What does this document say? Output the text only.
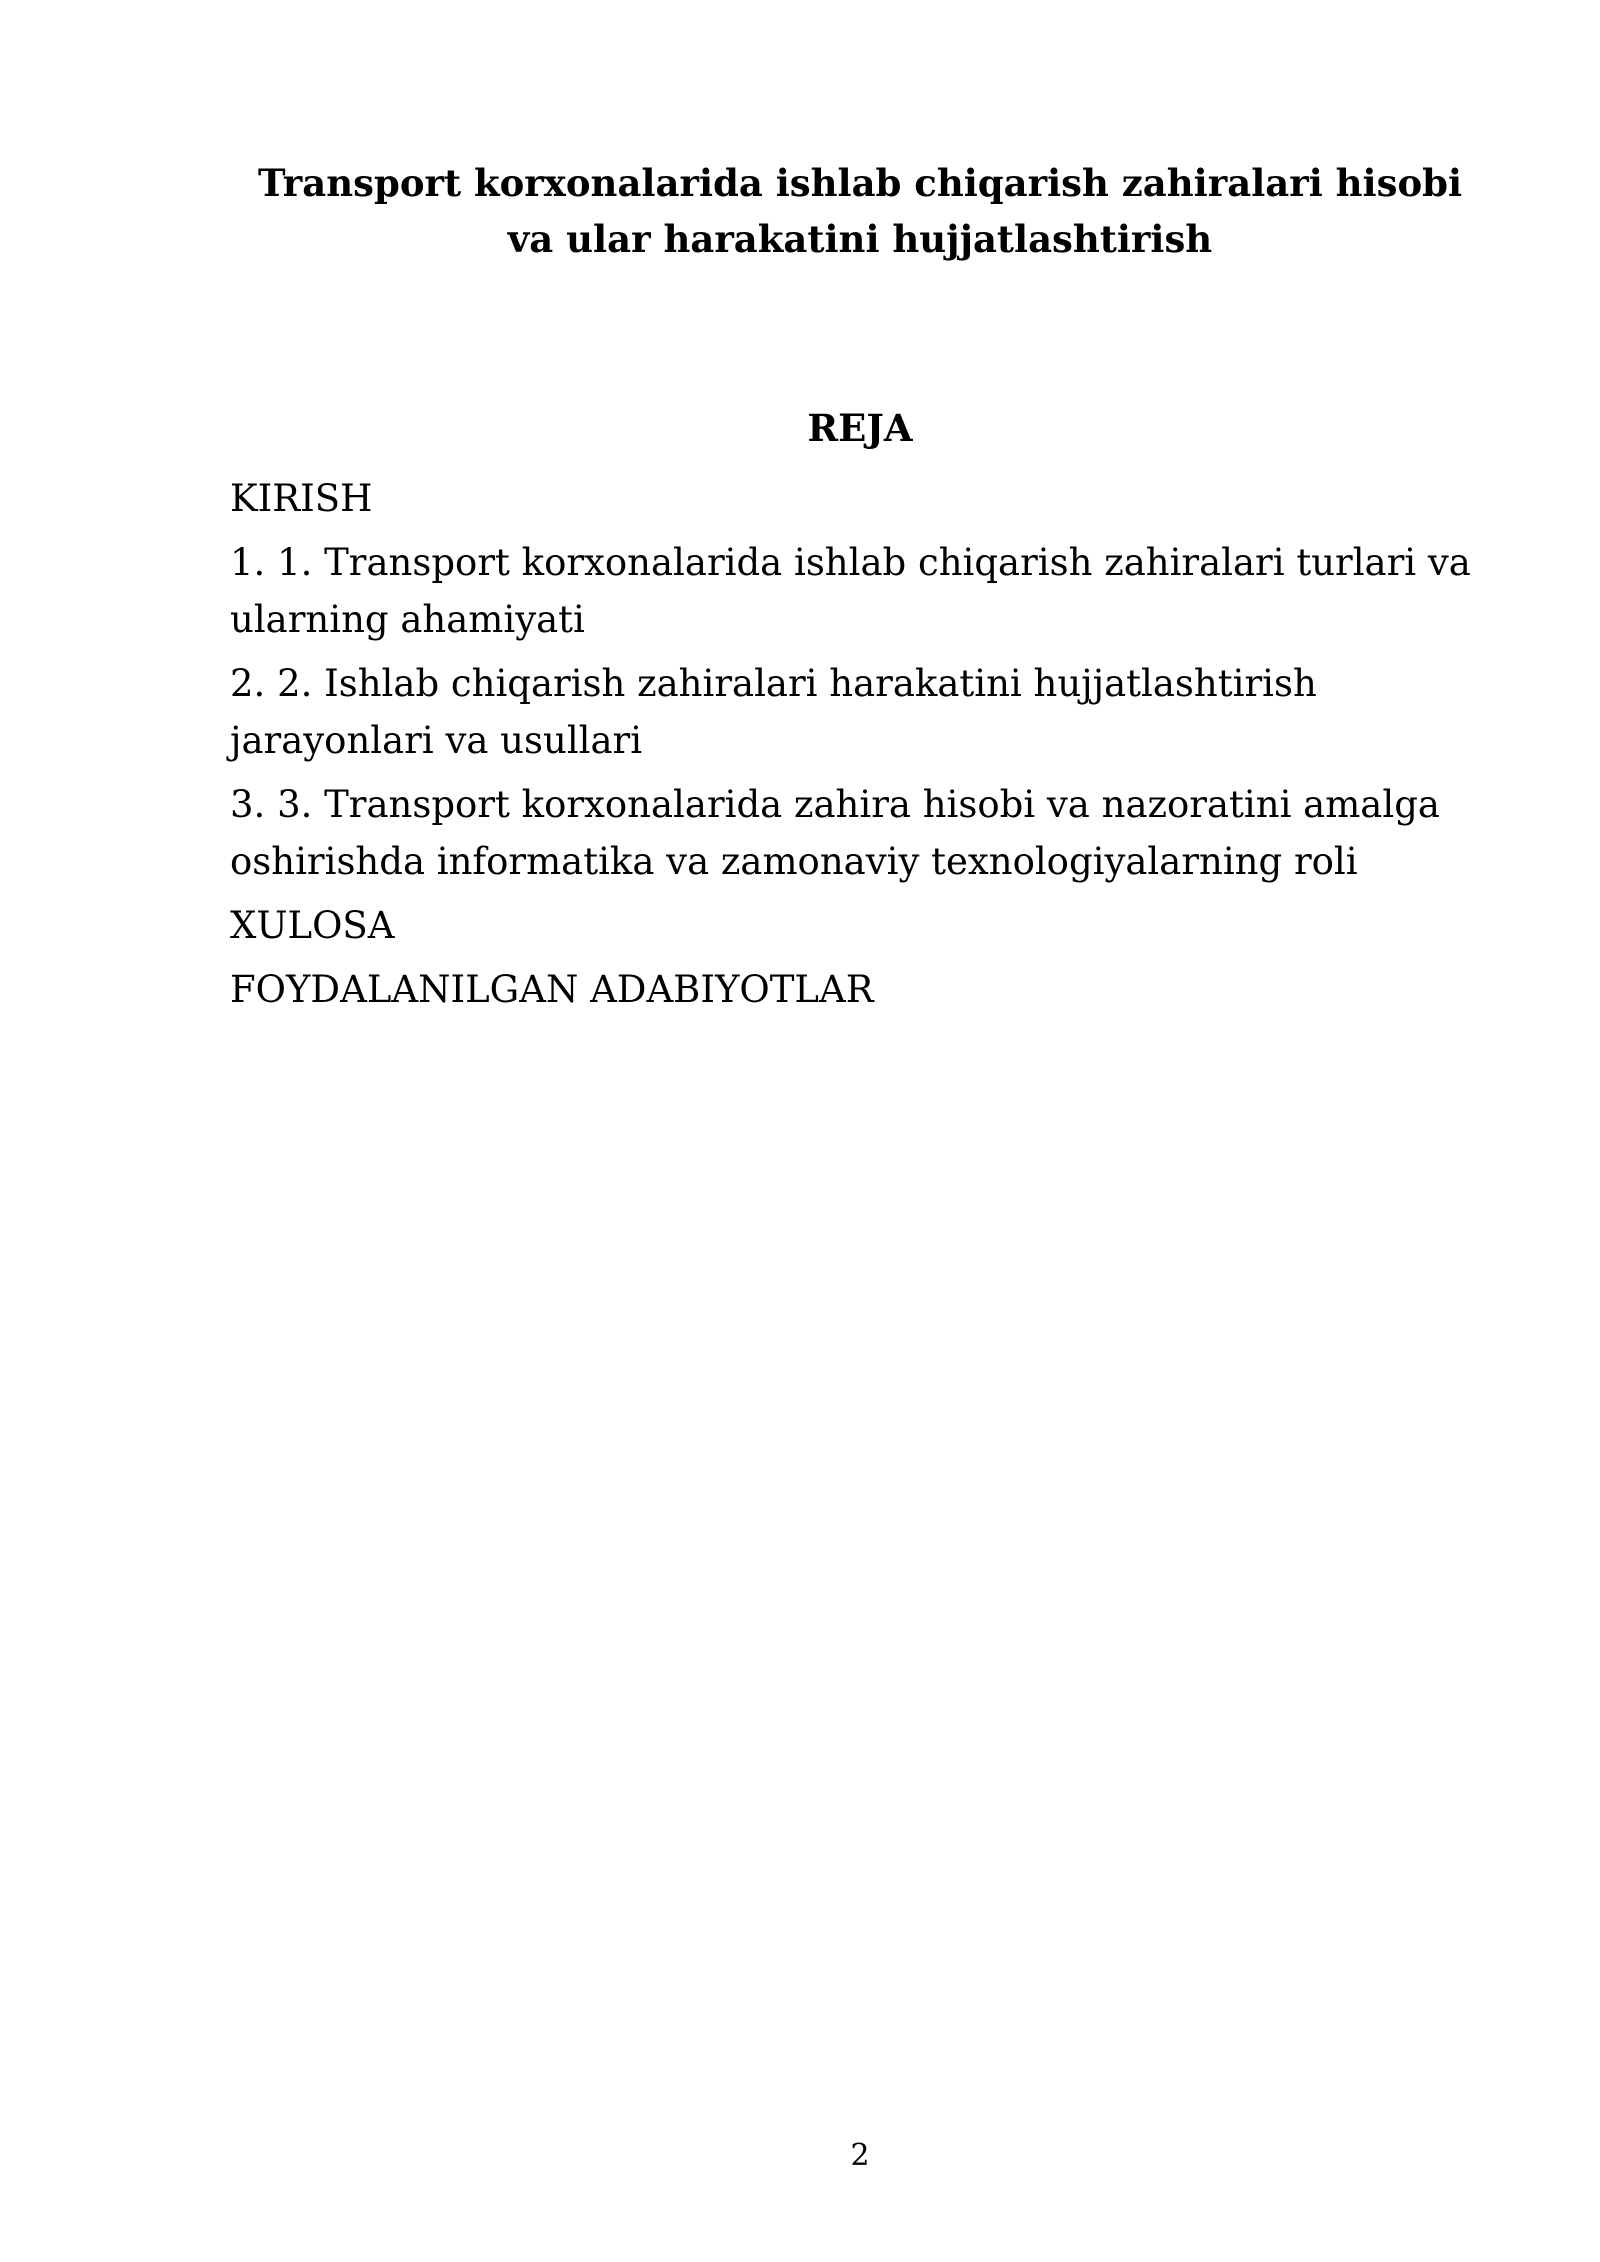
Transport korxonalarida ishlab chiqarish zahiralari hisobi
va ular harakatini hujjatlashtirish
REJA
KIRISH
1. 1. Transport korxonalarida ishlab chiqarish zahiralari turlari va ularning ahamiyati
2. 2. Ishlab chiqarish zahiralari harakatini hujjatlashtirish jarayonlari va usullari
3. 3. Transport korxonalarida zahira hisobi va nazoratini amalga oshirishda informatika va zamonaviy texnologiyalarning roli
XULOSA
FOYDALANILGAN ADABIYOTLAR
2
